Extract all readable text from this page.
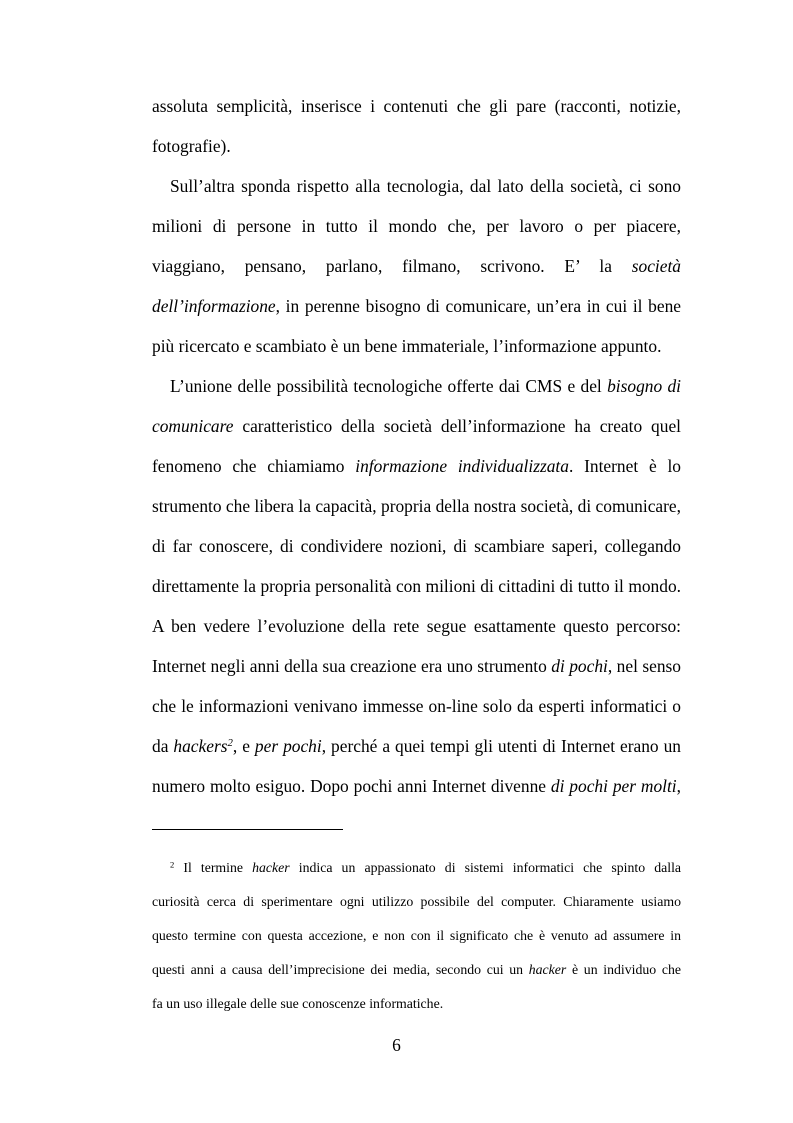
assoluta semplicità, inserisce i contenuti che gli pare (racconti, notizie,
fotografie).
Sull’altra sponda rispetto alla tecnologia, dal lato della società, ci sono
milioni di persone in tutto il mondo che, per lavoro o per piacere,
viaggiano, pensano, parlano, filmano, scrivono. E’ la società
dell’informazione, in perenne bisogno di comunicare, un’era in cui il bene
più ricercato e scambiato è un bene immateriale, l’informazione appunto.
L’unione delle possibilità tecnologiche offerte dai CMS e del bisogno di
comunicare caratteristico della società dell’informazione ha creato quel
fenomeno che chiamiamo informazione individualizzata. Internet è lo
strumento che libera la capacità, propria della nostra società, di comunicare,
di far conoscere, di condividere nozioni, di scambiare saperi, collegando
direttamente la propria personalità con milioni di cittadini di tutto il mondo.
A ben vedere l’evoluzione della rete segue esattamente questo percorso:
Internet negli anni della sua creazione era uno strumento di pochi, nel senso
che le informazioni venivano immesse on-line solo da esperti informatici o
da hackers$^2$, e per pochi, perché a quei tempi gli utenti di Internet erano un
numero molto esiguo. Dopo pochi anni Internet divenne di pochi per molti,
$^2$ Il termine hacker indica un appassionato di sistemi informatici che spinto dalla
curiosità cerca di sperimentare ogni utilizzo possibile del computer. Chiaramente usiamo
questo termine con questa accezione, e non con il significato che è venuto ad assumere in
questi anni a causa dell’imprecisione dei media, secondo cui un hacker è un individuo che
fa un uso illegale delle sue conoscenze informatiche.
6
